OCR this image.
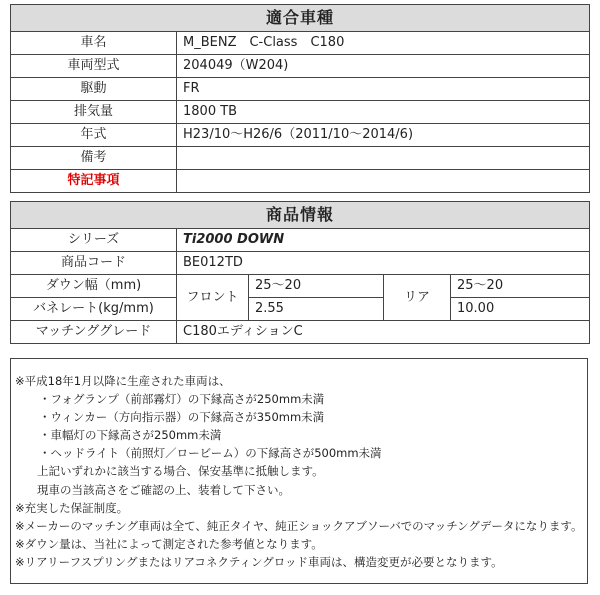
適合車種	
車名	M_BENZ　C-Class　C180
車両型式	204049（W204)
駆動	FR
排気量	1800 TB
年式	H23/10～H26/6（2011/10～2014/6)
備考	
特記事項	
商品情報				
シリーズ	Ti2000 DOWN			
商品コード	BE012TD			
ダウン幅（mm)	フロント	25～20	リア	25～20
バネレート(kg/mm)		2.55		10.00
マッチンググレード	C180エディションC			
※平成18年1月以降に生産された車両は、
・フォグランプ（前部霧灯）の下縁高さが250mm未満
・ウィンカー（方向指示器）の下縁高さが350mm未満
・車幅灯の下縁高さが250mm未満
・ヘッドライト（前照灯／ロービーム）の下縁高さが500mm未満
上記いずれかに該当する場合、保安基準に抵触します。
現車の当該高さをご確認の上、装着して下さい。
※充実した保証制度。
※メーカーのマッチング車両は全て、純正タイヤ、純正ショックアブソーバでのマッチングデータになります。
※ダウン量は、当社によって測定された参考値となります。
※リアリーフスプリングまたはリアコネクティングロッド車両は、構造変更が必要となります。
